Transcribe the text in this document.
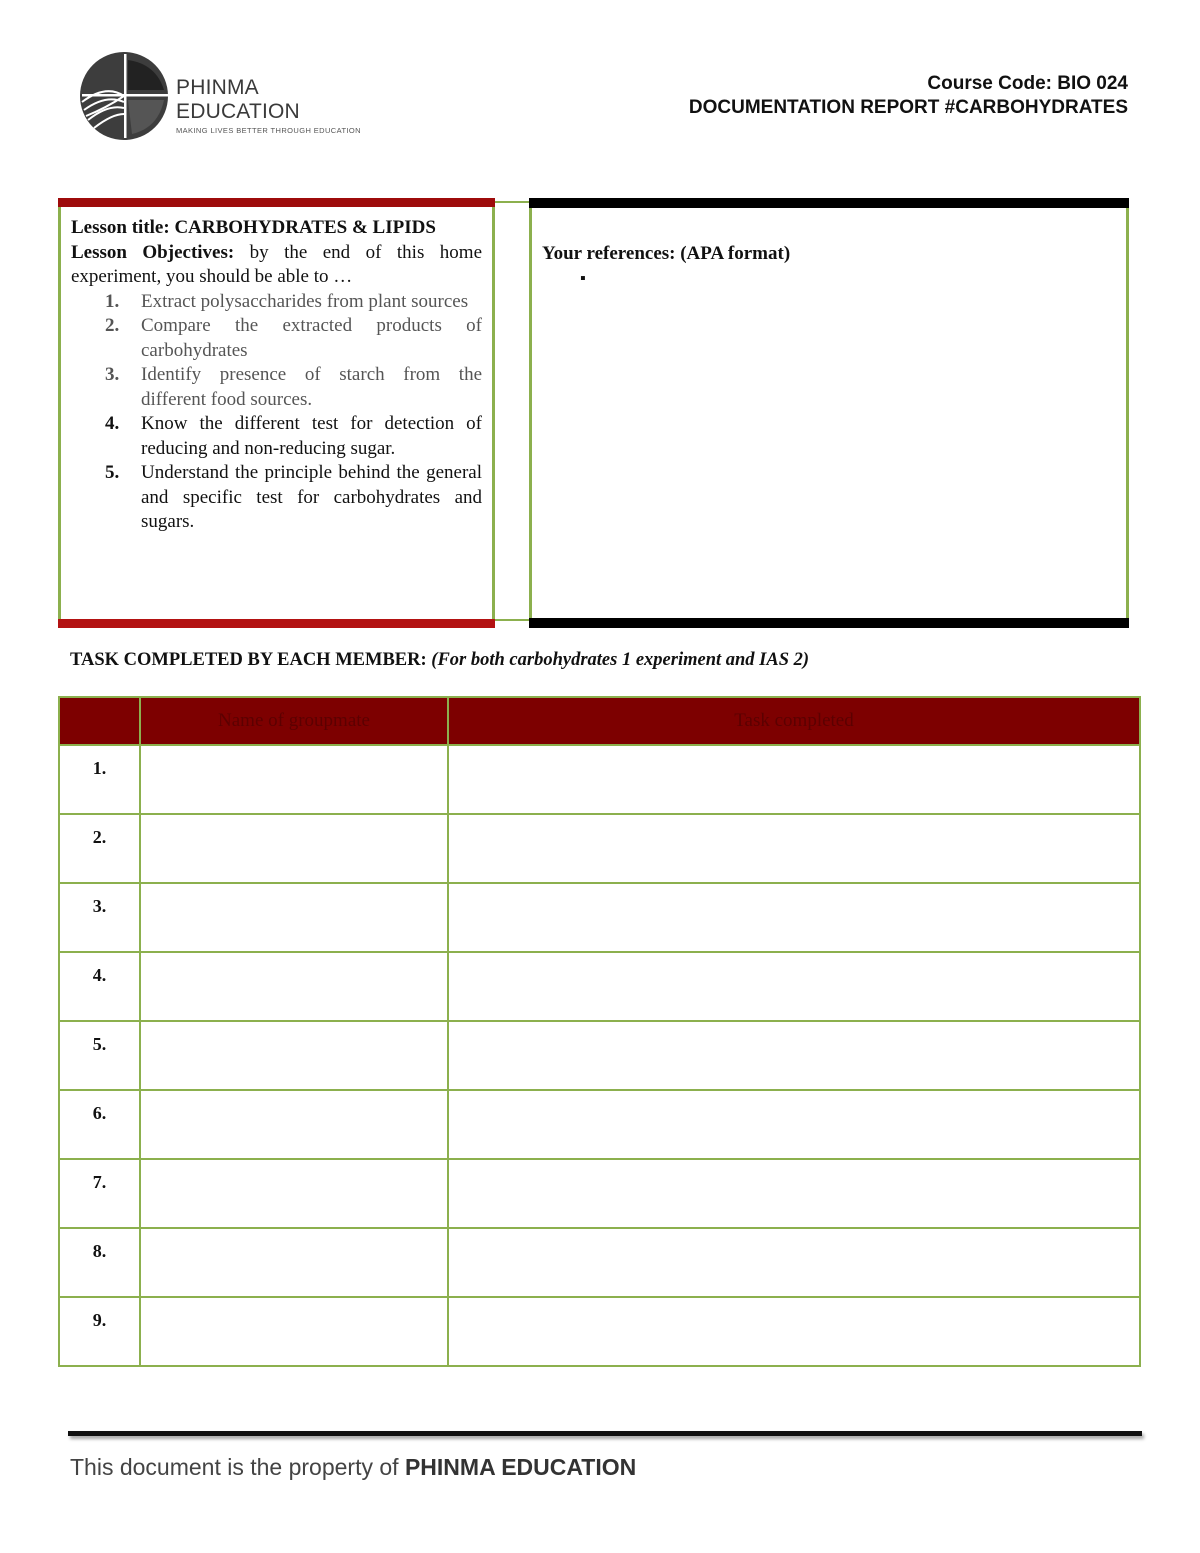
PHINMA EDUCATION
MAKING LIVES BETTER THROUGH EDUCATION
Course Code: BIO 024
DOCUMENTATION REPORT #CARBOHYDRATES

Lesson title: CARBOHYDRATES & LIPIDS

Lesson Objectives: by the end of this home experiment, you should be able to …

1. Extract polysaccharides from plant sources
2. Compare the extracted products of carbohydrates
3. Identify presence of starch from the different food sources.
4. Know the different test for detection of reducing and non-reducing sugar.
5. Understand the principle behind the general and specific test for carbohydrates and sugars.
Your references: (APA format)
▪
TASK COMPLETED BY EACH MEMBER: (For both carbohydrates 1 experiment and IAS 2)
	Name of groupmate	Task completed
1.		
2.		
3.		
4.		
5.		
6.		
7.		
8.		
9.		
This document is the property of PHINMA EDUCATION
